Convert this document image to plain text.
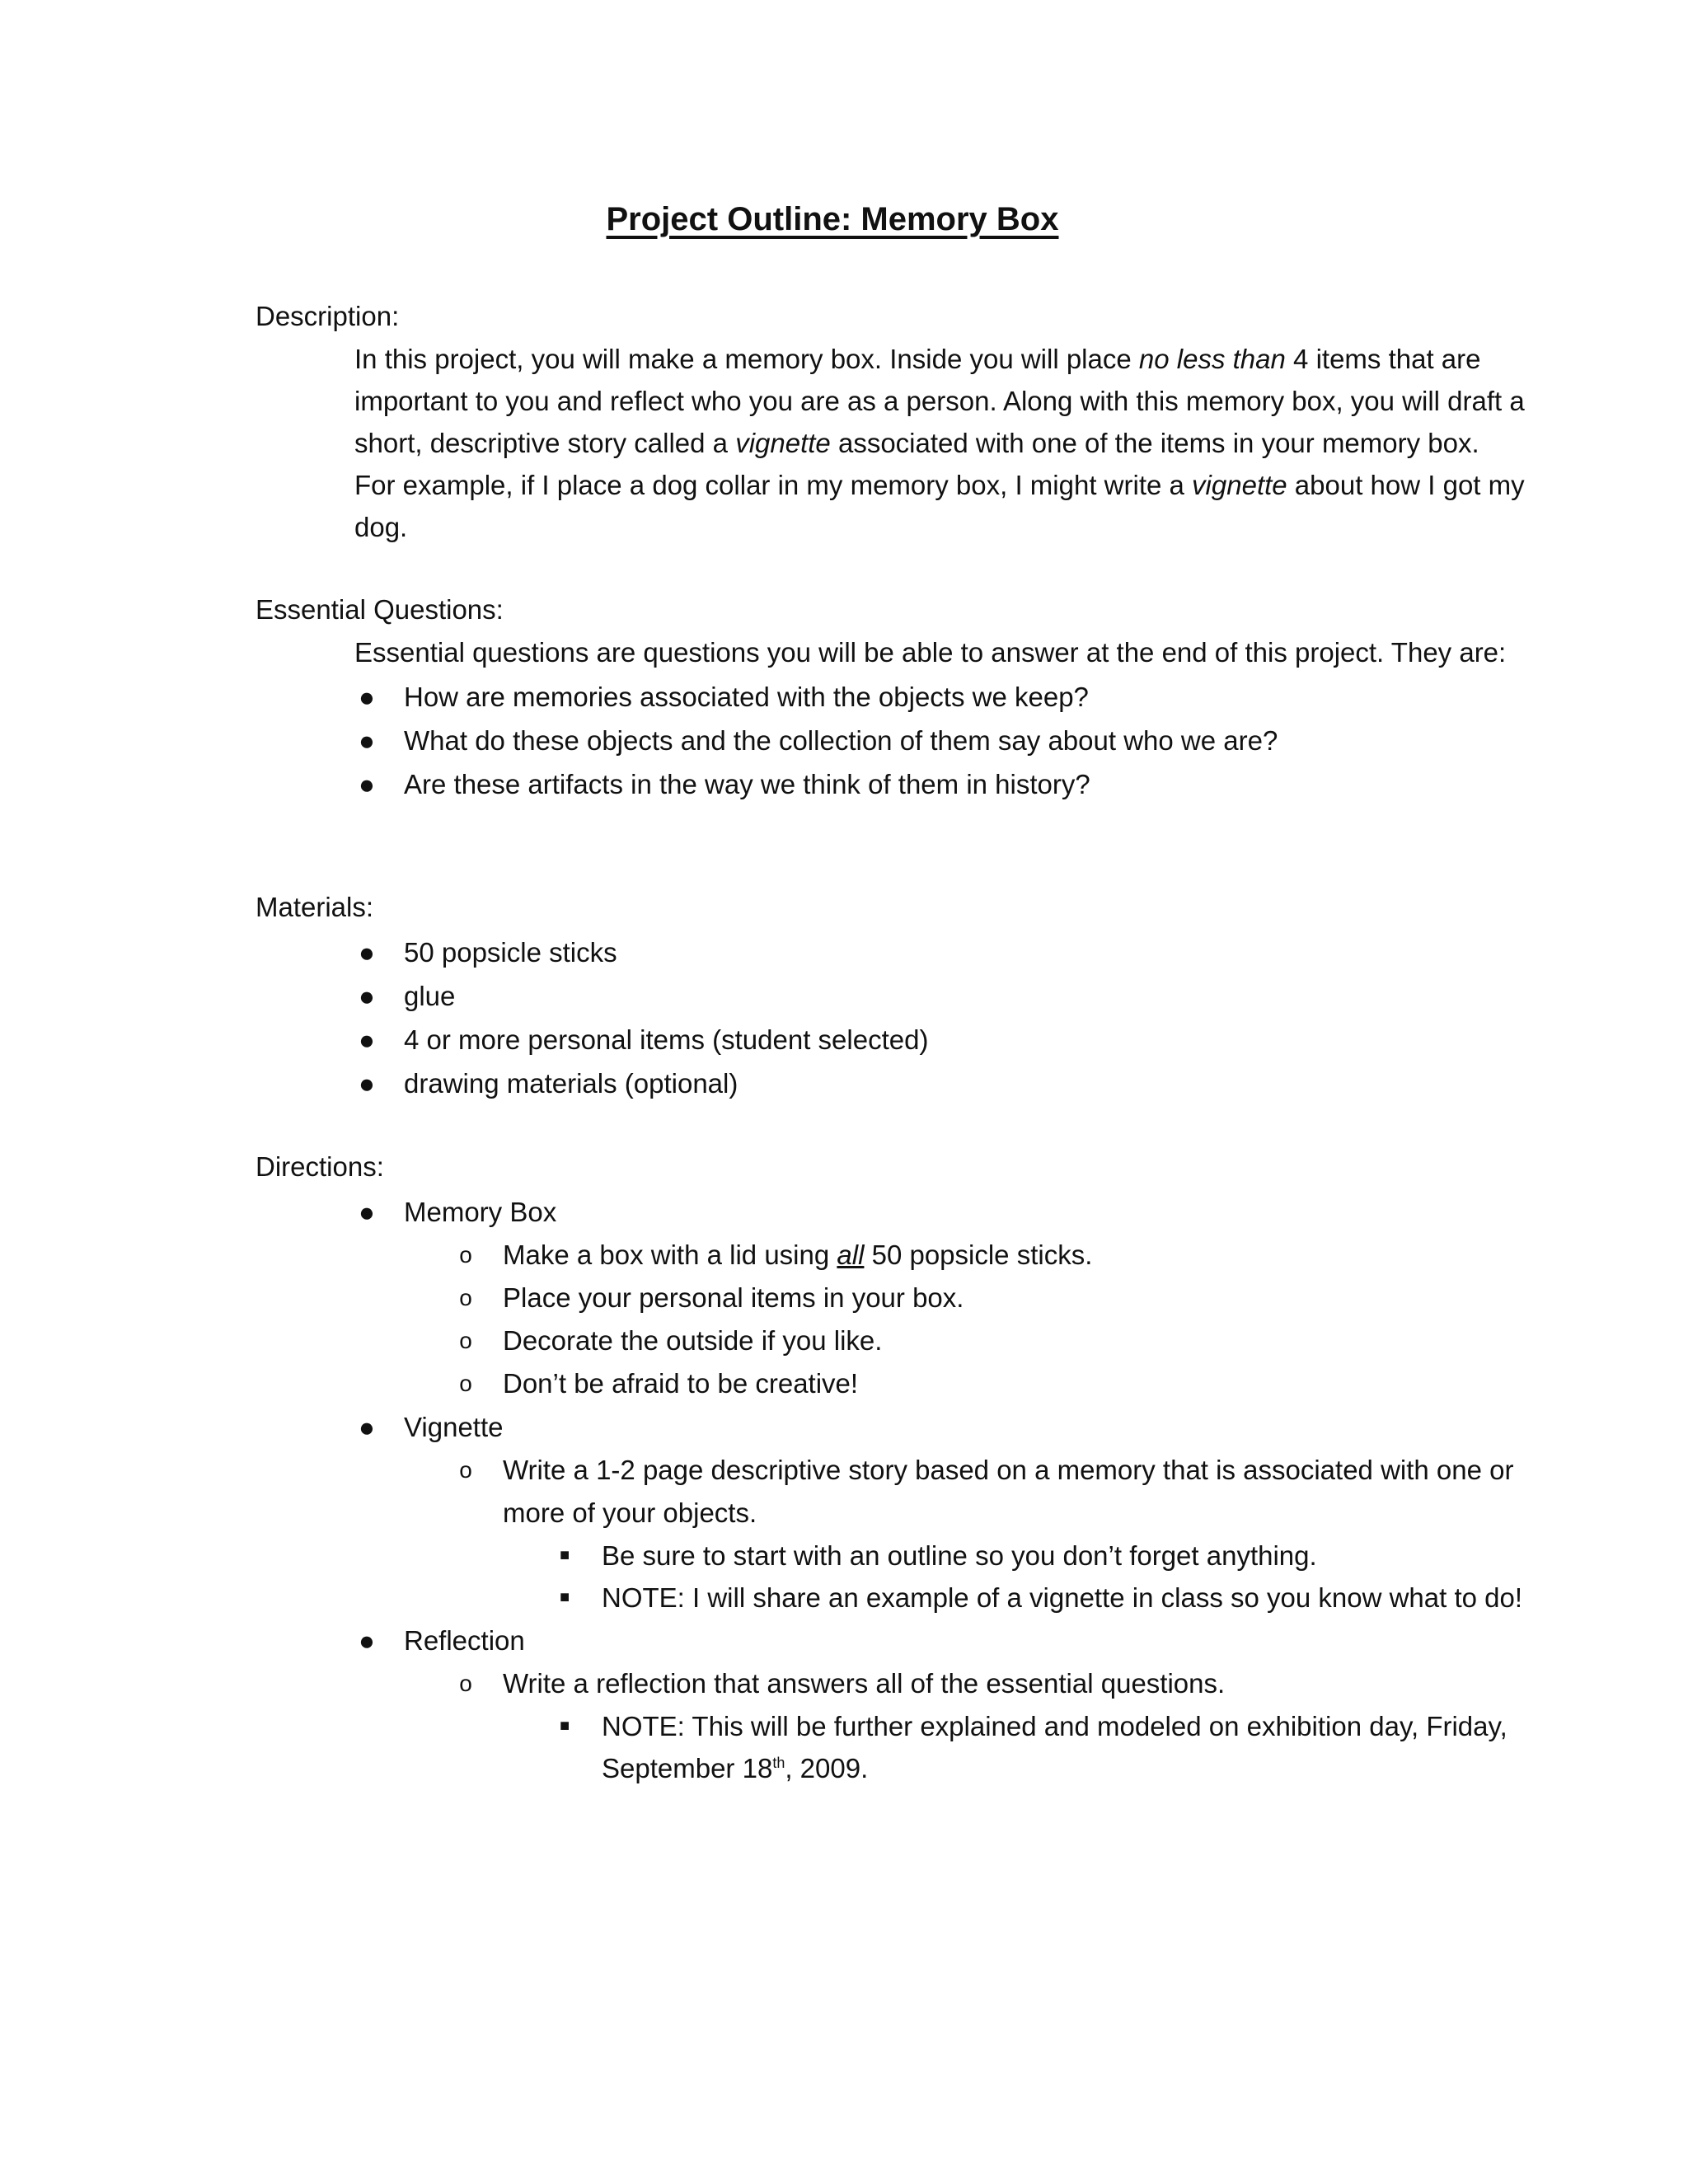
Project Outline: Memory Box

Description:

In this project, you will make a memory box. Inside you will place no less than 4 items that are important to you and reflect who you are as a person. Along with this memory box, you will draft a short, descriptive story called a vignette associated with one of the items in your memory box. For example, if I place a dog collar in my memory box, I might write a vignette about how I got my dog.

Essential Questions:

Essential questions are questions you will be able to answer at the end of this project. They are:

●	How are memories associated with the objects we keep?
●	What do these objects and the collection of them say about who we are?
●	Are these artifacts in the way we think of them in history?

Materials:

●	50 popsicle sticks
●	glue
●	4 or more personal items (student selected)
●	drawing materials (optional)

Directions:

●	Memory Box
o	Make a box with a lid using all 50 popsicle sticks.
o	Place your personal items in your box.
o	Decorate the outside if you like.
o	Don’t be afraid to be creative!
●	Vignette
o	Write a 1-2 page descriptive story based on a memory that is associated with one or more of your objects.
■	Be sure to start with an outline so you don’t forget anything.
■	NOTE: I will share an example of a vignette in class so you know what to do!
●	Reflection
o	Write a reflection that answers all of the essential questions.
■	NOTE: This will be further explained and modeled on exhibition day, Friday, September 18th, 2009.
